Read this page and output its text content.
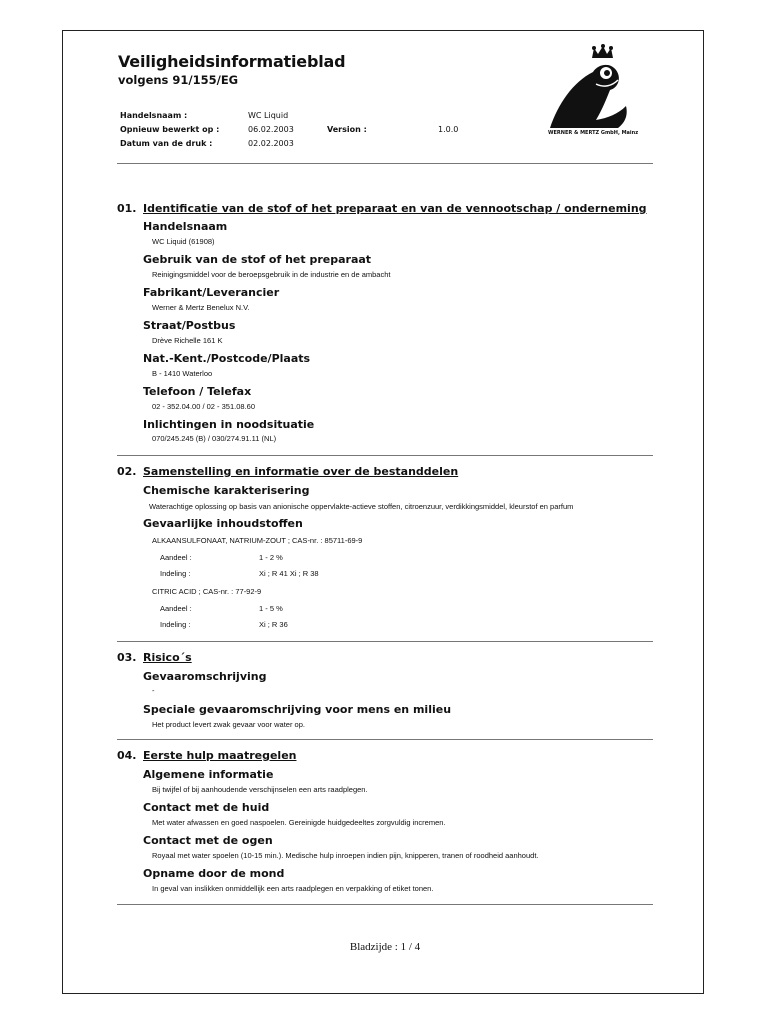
Veiligheidsinformatieblad
volgens 91/155/EG
Handelsnaam :	WC Liquid
Opnieuw bewerkt op :	06.02.2003	Version :	1.0.0
Datum van de druk :	02.02.2003
WERNER & MERTZ GmbH, Mainz
01. Identificatie van de stof of het preparaat en van de vennootschap / onderneming
Handelsnaam
WC Liquid (61908)
Gebruik van de stof of het preparaat
Reinigingsmiddel voor de beroepsgebruik in de industrie en de ambacht
Fabrikant/Leverancier
Werner & Mertz Benelux N.V.
Straat/Postbus
Drève Richelle 161 K
Nat.-Kent./Postcode/Plaats
B - 1410 Waterloo
Telefoon / Telefax
02 - 352.04.00 / 02 - 351.08.60
Inlichtingen in noodsituatie
070/245.245 (B) / 030/274.91.11 (NL)
02. Samenstelling en informatie over de bestanddelen
Chemische karakterisering
Waterachtige oplossing op basis van anionische oppervlakte-actieve stoffen, citroenzuur, verdikkingsmiddel, kleurstof en parfum
Gevaarlijke inhoudstoffen
ALKAANSULFONAAT, NATRIUM-ZOUT ; CAS-nr. : 85711-69-9
Aandeel :	1 - 2 %
Indeling :	Xi ; R 41 Xi ; R 38
CITRIC ACID ; CAS-nr. : 77-92-9
Aandeel :	1 - 5 %
Indeling :	Xi ; R 36
03. Risico´s
Gevaaromschrijving
-
Speciale gevaaromschrijving voor mens en milieu
Het product levert zwak gevaar voor water op.
04. Eerste hulp maatregelen
Algemene informatie
Bij twijfel of bij aanhoudende verschijnselen een arts raadplegen.
Contact met de huid
Met water afwassen en goed naspoelen. Gereinigde huidgedeeltes zorgvuldig incremen.
Contact met de ogen
Royaal met water spoelen (10-15 min.). Medische hulp inroepen indien pijn, knipperen, tranen of roodheid aanhoudt.
Opname door de mond
In geval van inslikken onmiddellijk een arts raadplegen en verpakking of etiket tonen.
Bladzijde : 1 / 4
